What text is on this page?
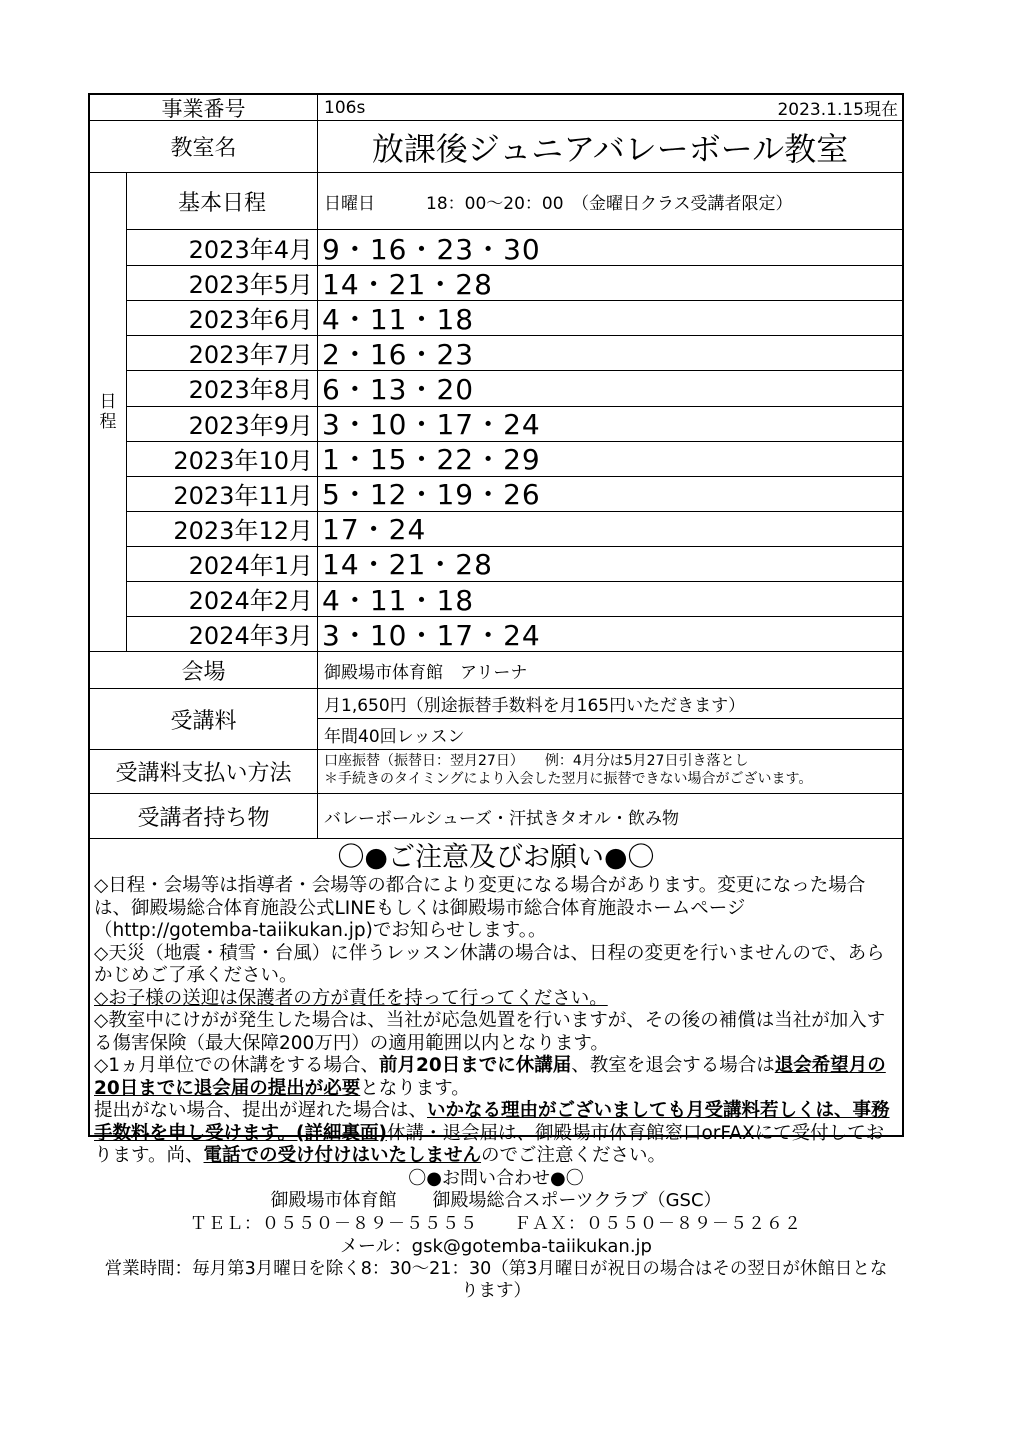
事業番号	106s	2023.1.15現在
教室名	放課後ジュニアバレーボール教室
日
程
基本日程	日曜日　　　18：00～20：00　（金曜日クラス受講者限定）
2023年4月 9・16・23・30
2023年5月 14・21・28
2023年6月 4・11・18
2023年7月 2・16・23
2023年8月 6・13・20
2023年9月 3・10・17・24
2023年10月 1・15・22・29
2023年11月 5・12・19・26
2023年12月 17・24
2024年1月 14・21・28
2024年2月 4・11・18
2024年3月 3・10・17・24
会場	御殿場市体育館　アリーナ
受講料
月1,650円（別途振替手数料を月165円いただきます）
年間40回レッスン
受講料支払い方法	口座振替（振替日：翌月27日）　　例：4月分は5月27日引き落とし
＊手続きのタイミングにより入会した翌月に振替できない場合がございます。
受講者持ち物	バレーボールシューズ・汗拭きタオル・飲み物
〇●ご注意及びお願い●〇

◇日程・会場等は指導者・会場等の都合により変更になる場合があります。変更になった場合は、御殿場総合体育施設公式LINEもしくは御殿場市総合体育施設ホームページ（http://gotemba-taiikukan.jp)でお知らせします。。

◇天災（地震・積雪・台風）に伴うレッスン休講の場合は、日程の変更を行いませんので、あらかじめご了承ください。

◇お子様の送迎は保護者の方が責任を持って行ってください。

◇教室中にけがが発生した場合は、当社が応急処置を行いますが、その後の補償は当社が加入する傷害保険（最大保障200万円）の適用範囲以内となります。

◇1ヵ月単位での休講をする場合、前月20日までに休講届、教室を退会する場合は退会希望月の20日までに退会届の提出が必要となります。

提出がない場合、提出が遅れた場合は、いかなる理由がございましても月受講料若しくは、事務手数料を申し受けます。(詳細裏面)休講・退会届は、御殿場市体育館窓口orFAXにて受付しております。尚、電話での受け付けはいたしませんのでご注意ください。

〇●お問い合わせ●〇
御殿場市体育館　　御殿場総合スポーツクラブ（GSC）
ＴＥＬ：０５５０－８９－５５５５　　ＦＡＸ：０５５０－８９－５２６２
メール：gsk@gotemba-taiikukan.jp
営業時間：毎月第3月曜日を除く8：30～21：30（第3月曜日が祝日の場合はその翌日が休館日となります）
